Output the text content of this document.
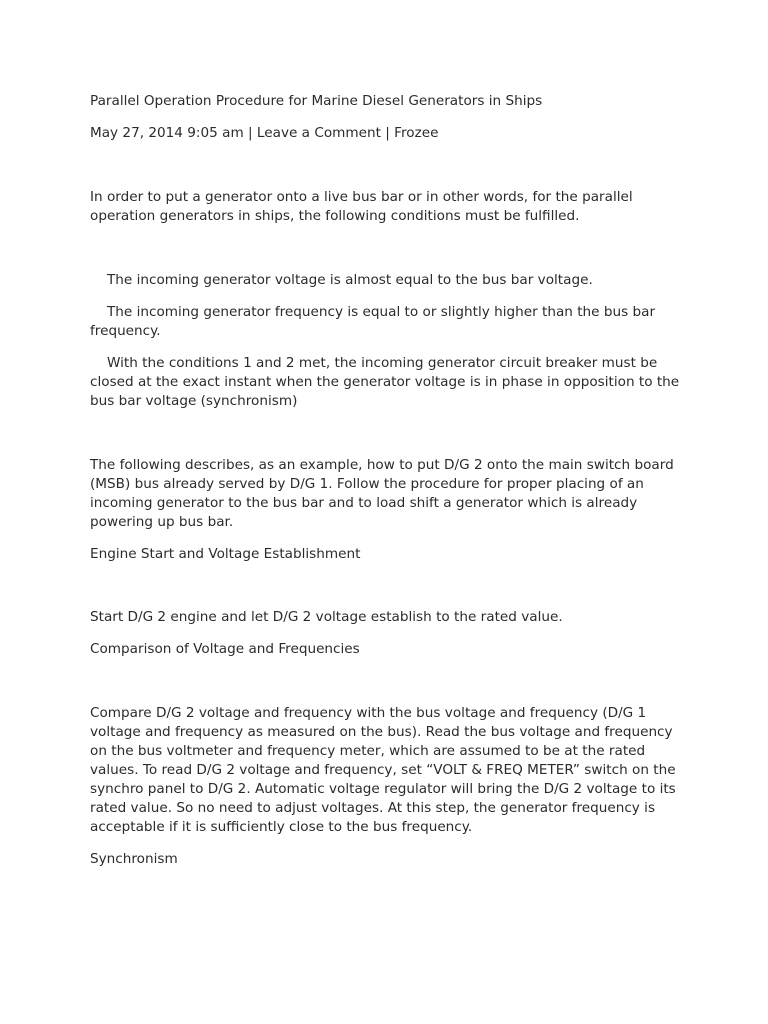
Parallel Operation Procedure for Marine Diesel Generators in Ships

May 27, 2014 9:05 am | Leave a Comment | Frozee

In order to put a generator onto a live bus bar or in other words, for the parallel operation generators in ships, the following conditions must be fulfilled.

The incoming generator voltage is almost equal to the bus bar voltage.

The incoming generator frequency is equal to or slightly higher than the bus bar frequency.

With the conditions 1 and 2 met, the incoming generator circuit breaker must be closed at the exact instant when the generator voltage is in phase in opposition to the bus bar voltage (synchronism)

The following describes, as an example, how to put D/G 2 onto the main switch board (MSB) bus already served by D/G 1. Follow the procedure for proper placing of an incoming generator to the bus bar and to load shift a generator which is already powering up bus bar.

Engine Start and Voltage Establishment

Start D/G 2 engine and let D/G 2 voltage establish to the rated value.

Comparison of Voltage and Frequencies

Compare D/G 2 voltage and frequency with the bus voltage and frequency (D/G 1 voltage and frequency as measured on the bus). Read the bus voltage and frequency on the bus voltmeter and frequency meter, which are assumed to be at the rated values. To read D/G 2 voltage and frequency, set “VOLT & FREQ METER” switch on the synchro panel to D/G 2. Automatic voltage regulator will bring the D/G 2 voltage to its rated value. So no need to adjust voltages. At this step, the generator frequency is acceptable if it is sufficiently close to the bus frequency.

Synchronism
